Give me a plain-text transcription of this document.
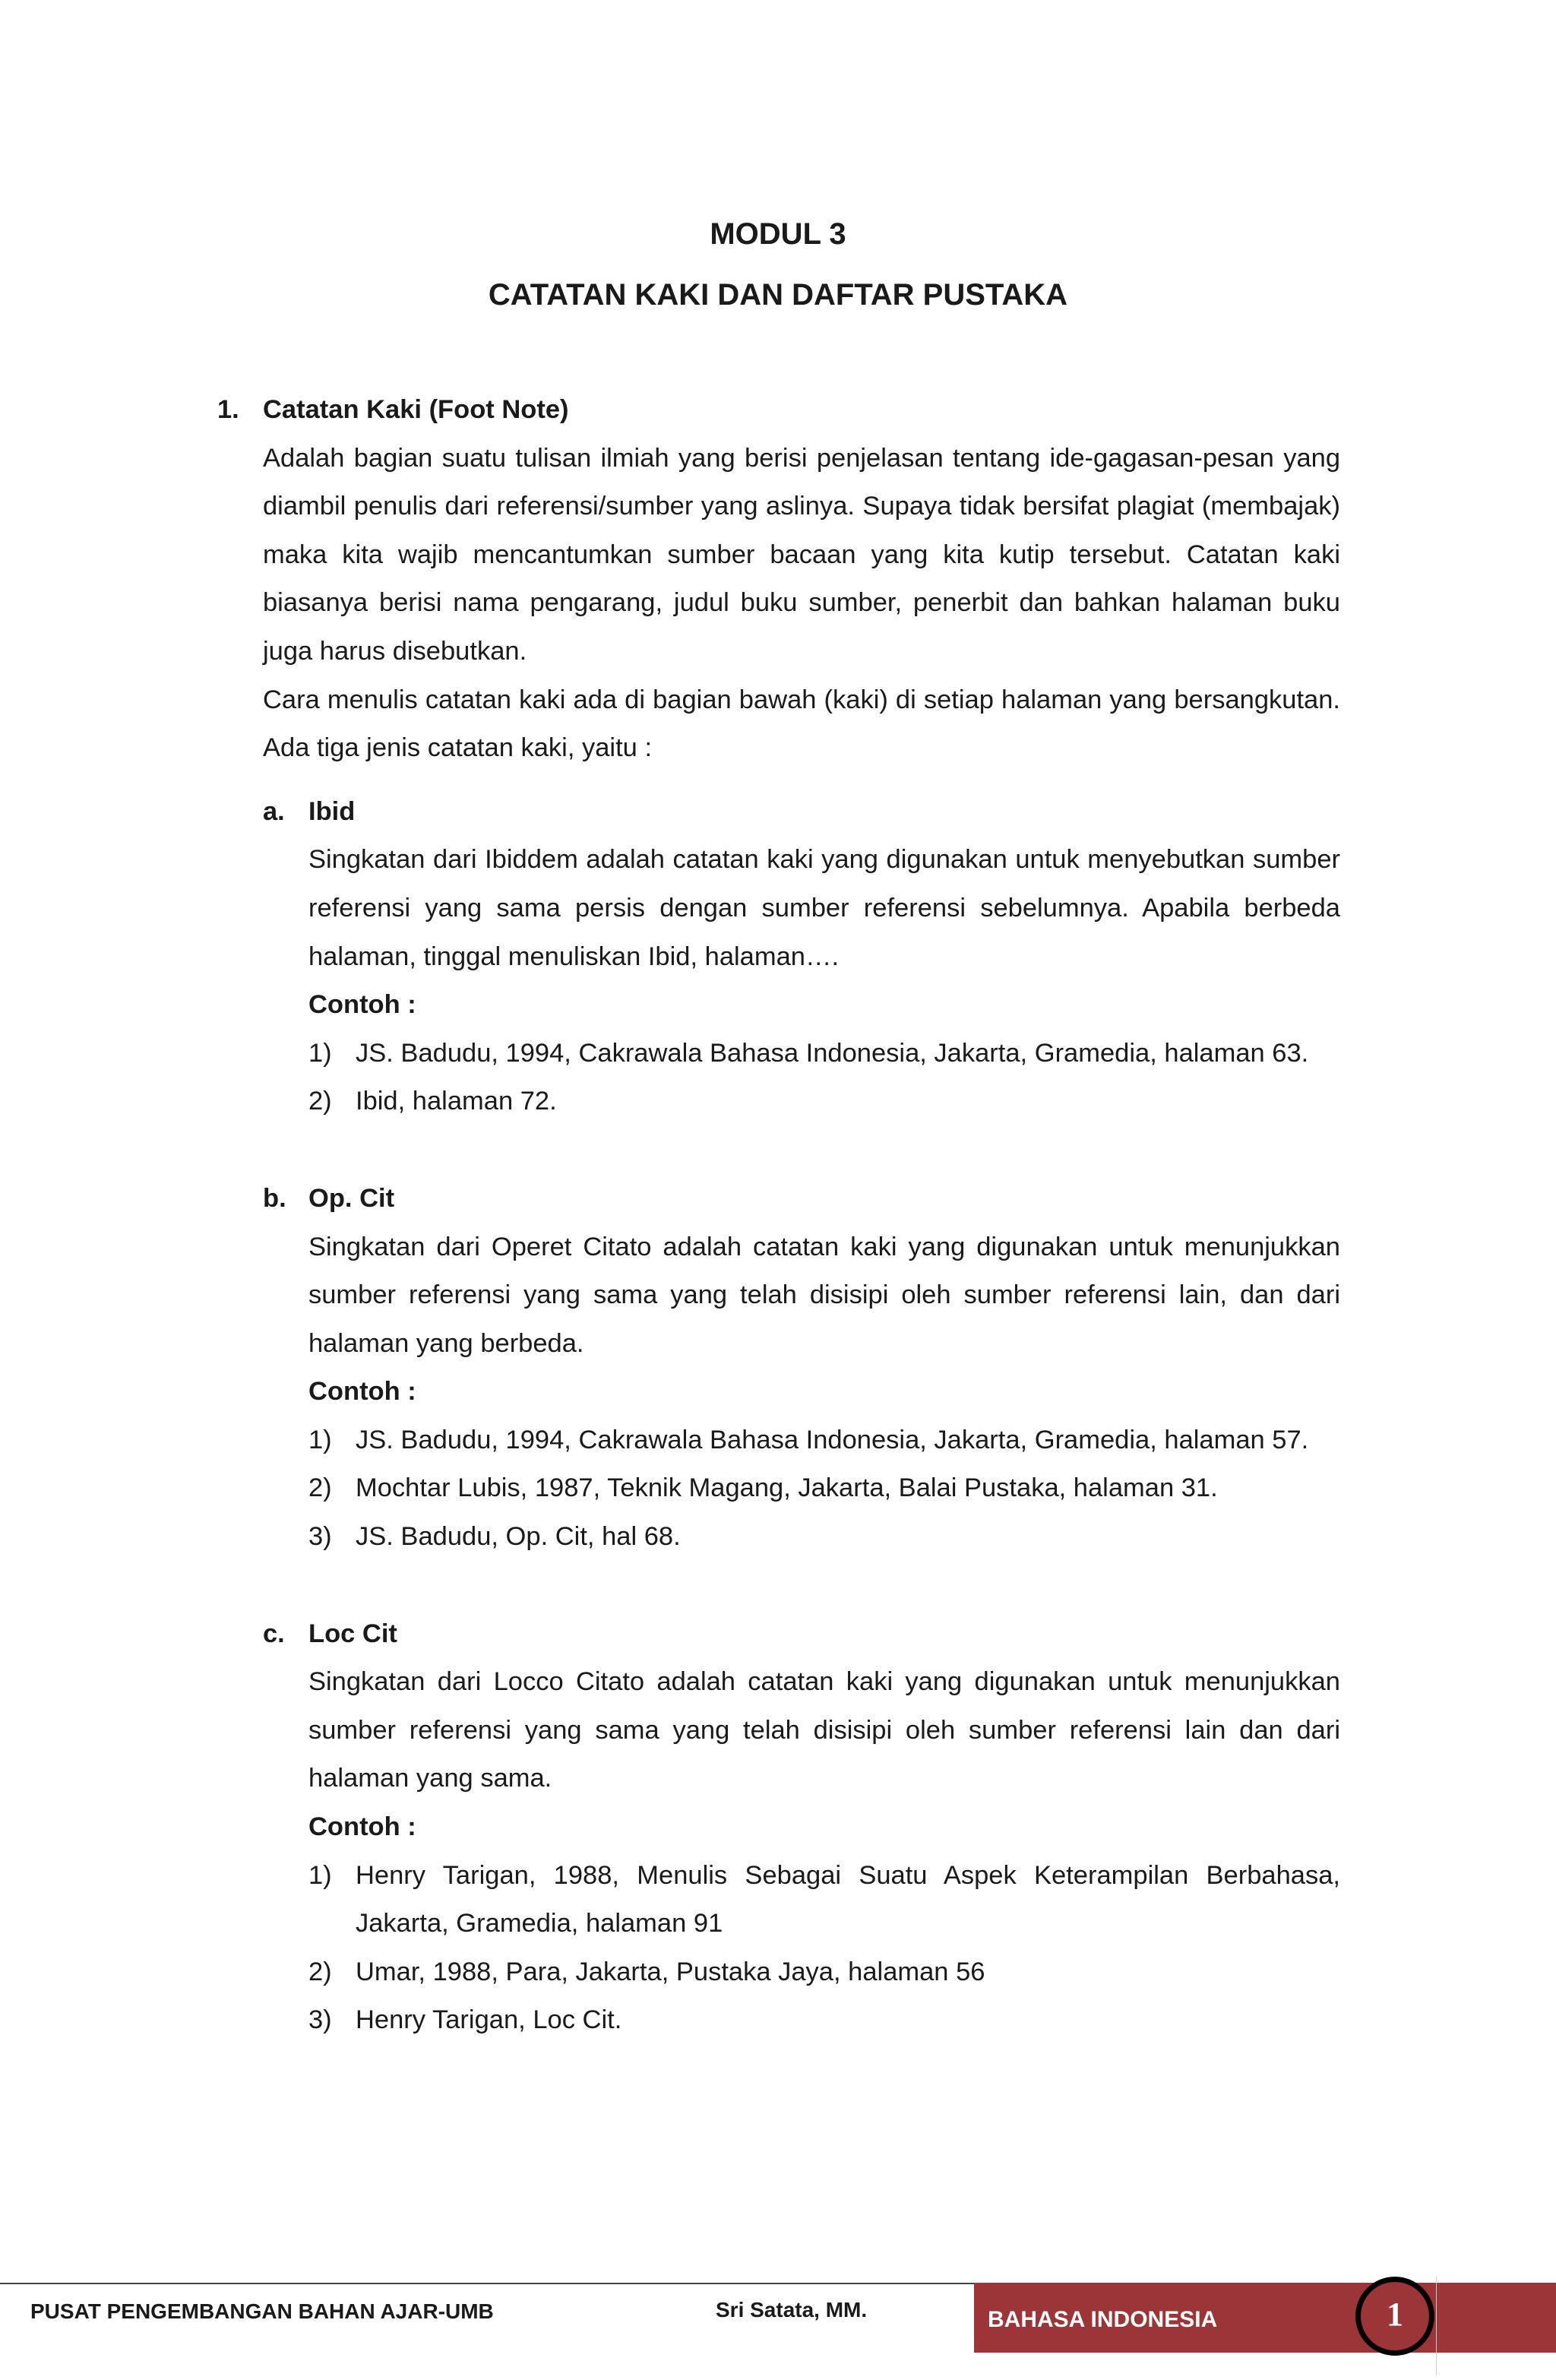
MODUL 3
CATATAN KAKI DAN DAFTAR PUSTAKA
1. Catatan Kaki (Foot Note)

Adalah bagian suatu tulisan ilmiah yang berisi penjelasan tentang ide-gagasan-pesan yang diambil penulis dari referensi/sumber yang aslinya. Supaya tidak bersifat plagiat (membajak) maka kita wajib mencantumkan sumber bacaan yang kita kutip tersebut. Catatan kaki biasanya berisi nama pengarang, judul buku sumber, penerbit dan bahkan halaman buku juga harus disebutkan.

Cara menulis catatan kaki ada di bagian bawah (kaki) di setiap halaman yang bersangkutan. Ada tiga jenis catatan kaki, yaitu :

a. Ibid

Singkatan dari Ibiddem adalah catatan kaki yang digunakan untuk menyebutkan sumber referensi yang sama persis dengan sumber referensi sebelumnya. Apabila berbeda halaman, tinggal menuliskan Ibid, halaman….

Contoh :
1) JS. Badudu, 1994, Cakrawala Bahasa Indonesia, Jakarta, Gramedia, halaman 63.
2) Ibid, halaman 72.
b. Op. Cit

Singkatan dari Operet Citato adalah catatan kaki yang digunakan untuk menunjukkan sumber referensi yang sama yang telah disisipi oleh sumber referensi lain, dan dari halaman yang berbeda.

Contoh :
1) JS. Badudu, 1994, Cakrawala Bahasa Indonesia, Jakarta, Gramedia, halaman 57.
2) Mochtar Lubis, 1987, Teknik Magang, Jakarta, Balai Pustaka, halaman 31.
3) JS. Badudu, Op. Cit, hal 68.
c. Loc Cit

Singkatan dari Locco Citato adalah catatan kaki yang digunakan untuk menunjukkan sumber referensi yang sama yang telah disisipi oleh sumber referensi lain dan dari halaman yang sama.

Contoh :
1) Henry Tarigan, 1988, Menulis Sebagai Suatu Aspek Keterampilan Berbahasa, Jakarta, Gramedia, halaman 91
2) Umar, 1988, Para, Jakarta, Pustaka Jaya, halaman 56
3) Henry Tarigan, Loc Cit.
PUSAT PENGEMBANGAN BAHAN AJAR-UMB	Sri Satata, MM.	BAHASA INDONESIA	1
